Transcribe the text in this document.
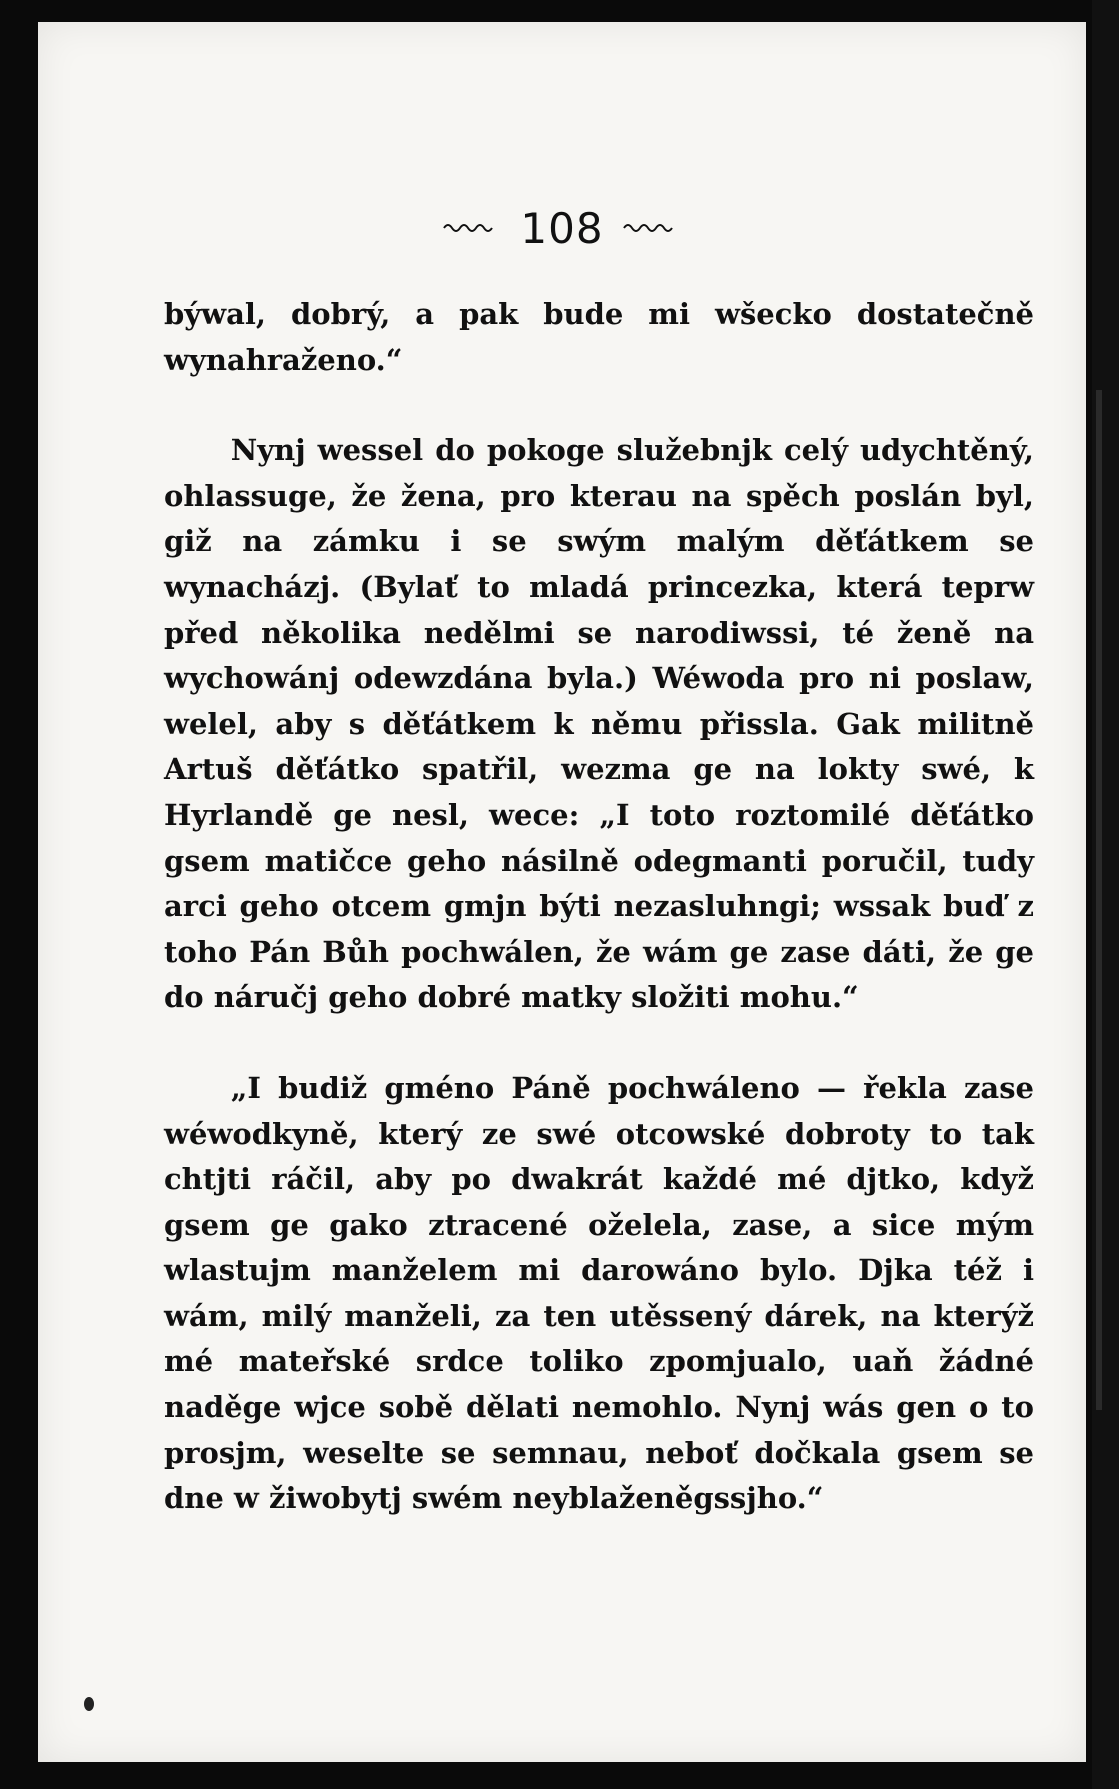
108

býwal, dobrý, a pak bude mi wšecko dostatečně wynahraženo.“

Nynj wessel do pokoge služebnjk celý udychtěný, ohlassuge, že žena, pro kterau na spěch poslán byl, giž na zámku i se swým malým děťátkem se wynacházj. (Bylať to mladá princezka, která teprw před několika nedělmi se narodiwssi, té ženě na wychowánj odewzdána byla.) Wéwoda pro ni poslaw, welel, aby s děťátkem k němu přissla. Gak militně Artuš děťátko spatřil, wezma ge na lokty swé, k Hyrlandě ge nesl, wece: „I toto roztomilé děťátko gsem matičce geho násilně odegmanti poručil, tudy arci geho otcem gmjn býti nezasluhngi; wssak buď z toho Pán Bůh pochwálen, že wám ge zase dáti, že ge do náručj geho dobré matky složiti mohu.“

„I budiž gméno Páně pochwáleno — řekla zase wéwodkyně, který ze swé otcowské dobroty to tak chtjti ráčil, aby po dwakrát každé mé djtko, když gsem ge gako ztracené oželela, zase, a sice mým wlastujm manželem mi darowáno bylo. Djka též i wám, milý manželi, za ten utěssený dárek, na kterýž mé mateřské srdce toliko zpomjualo, uaň žádné naděge wjce sobě dělati nemohlo. Nynj wás gen o to prosjm, weselte se semnau, neboť dočkala gsem se dne w žiwobytj swém neyblaženěgssjho.“
